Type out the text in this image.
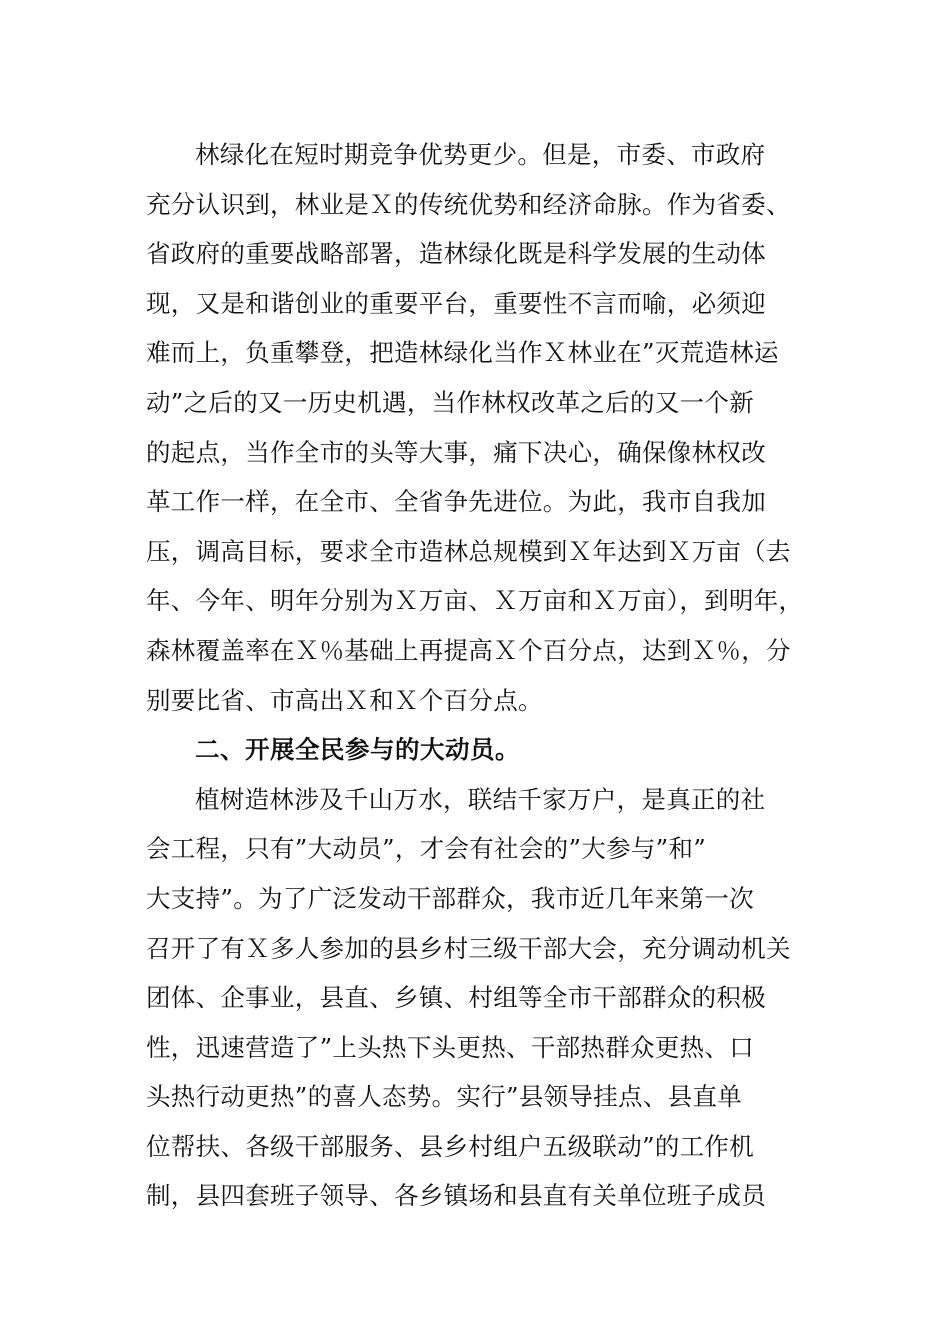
林绿化在短时期竞争优势更少。但是，市委、市政府
充分认识到，林业是Ｘ的传统优势和经济命脉。作为省委、
省政府的重要战略部署，造林绿化既是科学发展的生动体
现，又是和谐创业的重要平台，重要性不言而喻，必须迎
难而上，负重攀登，把造林绿化当作Ｘ林业在”灭荒造林运
动”之后的又一历史机遇，当作林权改革之后的又一个新
的起点，当作全市的头等大事，痛下决心，确保像林权改
革工作一样，在全市、全省争先进位。为此，我市自我加
压，调高目标，要求全市造林总规模到Ｘ年达到Ｘ万亩（去
年、今年、明年分别为Ｘ万亩、Ｘ万亩和Ｘ万亩），到明年，
森林覆盖率在Ｘ％基础上再提高Ｘ个百分点，达到Ｘ％，分
别要比省、市高出Ｘ和Ｘ个百分点。
二、开展全民参与的大动员。
植树造林涉及千山万水，联结千家万户，是真正的社
会工程，只有”大动员”，才会有社会的”大参与”和”
大支持”。为了广泛发动干部群众，我市近几年来第一次
召开了有Ｘ多人参加的县乡村三级干部大会，充分调动机关
团体、企事业，县直、乡镇、村组等全市干部群众的积极
性，迅速营造了”上头热下头更热、干部热群众更热、口
头热行动更热”的喜人态势。实行”县领导挂点、县直单
位帮扶、各级干部服务、县乡村组户五级联动”的工作机
制，县四套班子领导、各乡镇场和县直有关单位班子成员
